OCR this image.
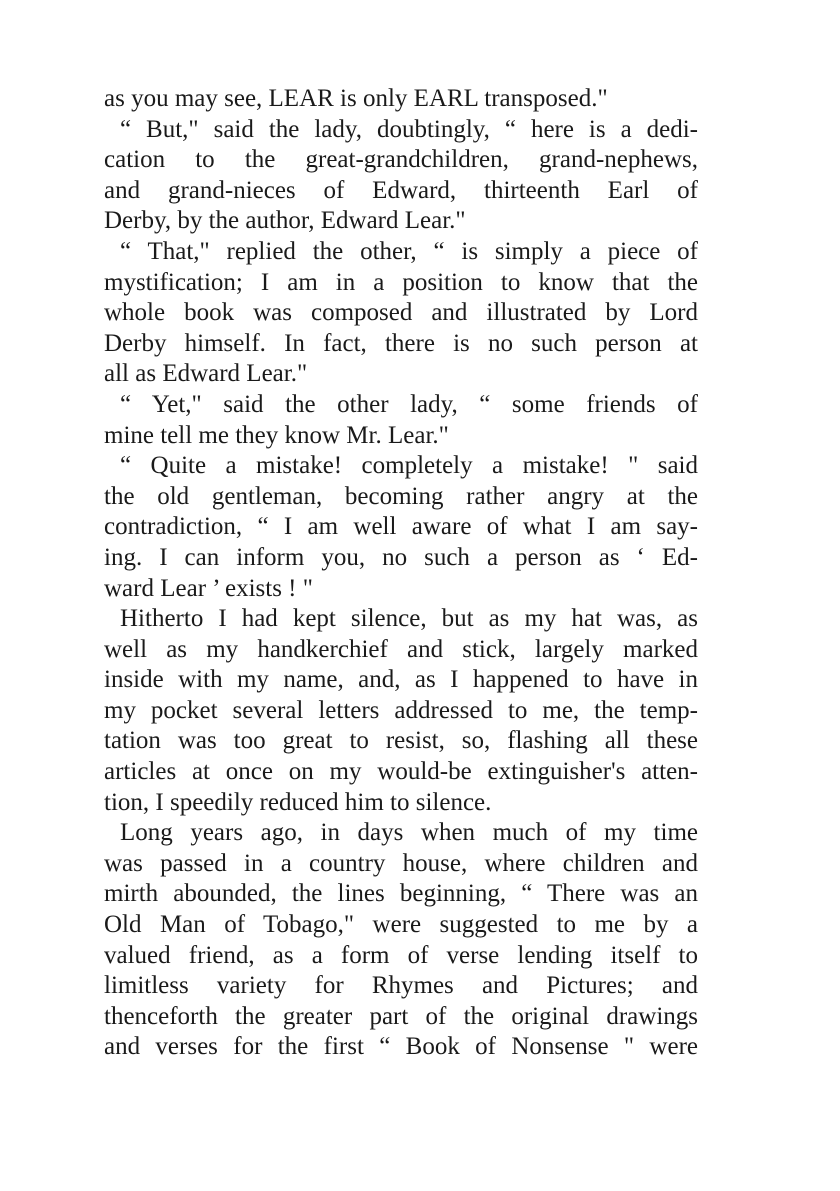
as you may see, LEAR is only EARL transposed."
“ But," said the lady, doubtingly, “ here is a dedi-
cation to the great-grandchildren, grand-nephews,
and grand-nieces of Edward, thirteenth Earl of
Derby, by the author, Edward Lear."
“ That," replied the other, “ is simply a piece of
mystification; I am in a position to know that the
whole book was composed and illustrated by Lord
Derby himself. In fact, there is no such person at
all as Edward Lear."
“ Yet," said the other lady, “ some friends of
mine tell me they know Mr. Lear."
“ Quite a mistake! completely a mistake! " said
the old gentleman, becoming rather angry at the
contradiction, “ I am well aware of what I am say-
ing. I can inform you, no such a person as ‘ Ed-
ward Lear ’ exists ! "
Hitherto I had kept silence, but as my hat was, as
well as my handkerchief and stick, largely marked
inside with my name, and, as I happened to have in
my pocket several letters addressed to me, the temp-
tation was too great to resist, so, flashing all these
articles at once on my would-be extinguisher's atten-
tion, I speedily reduced him to silence.
Long years ago, in days when much of my time
was passed in a country house, where children and
mirth abounded, the lines beginning, “ There was an
Old Man of Tobago," were suggested to me by a
valued friend, as a form of verse lending itself to
limitless variety for Rhymes and Pictures; and
thenceforth the greater part of the original drawings
and verses for the first “ Book of Nonsense " were
